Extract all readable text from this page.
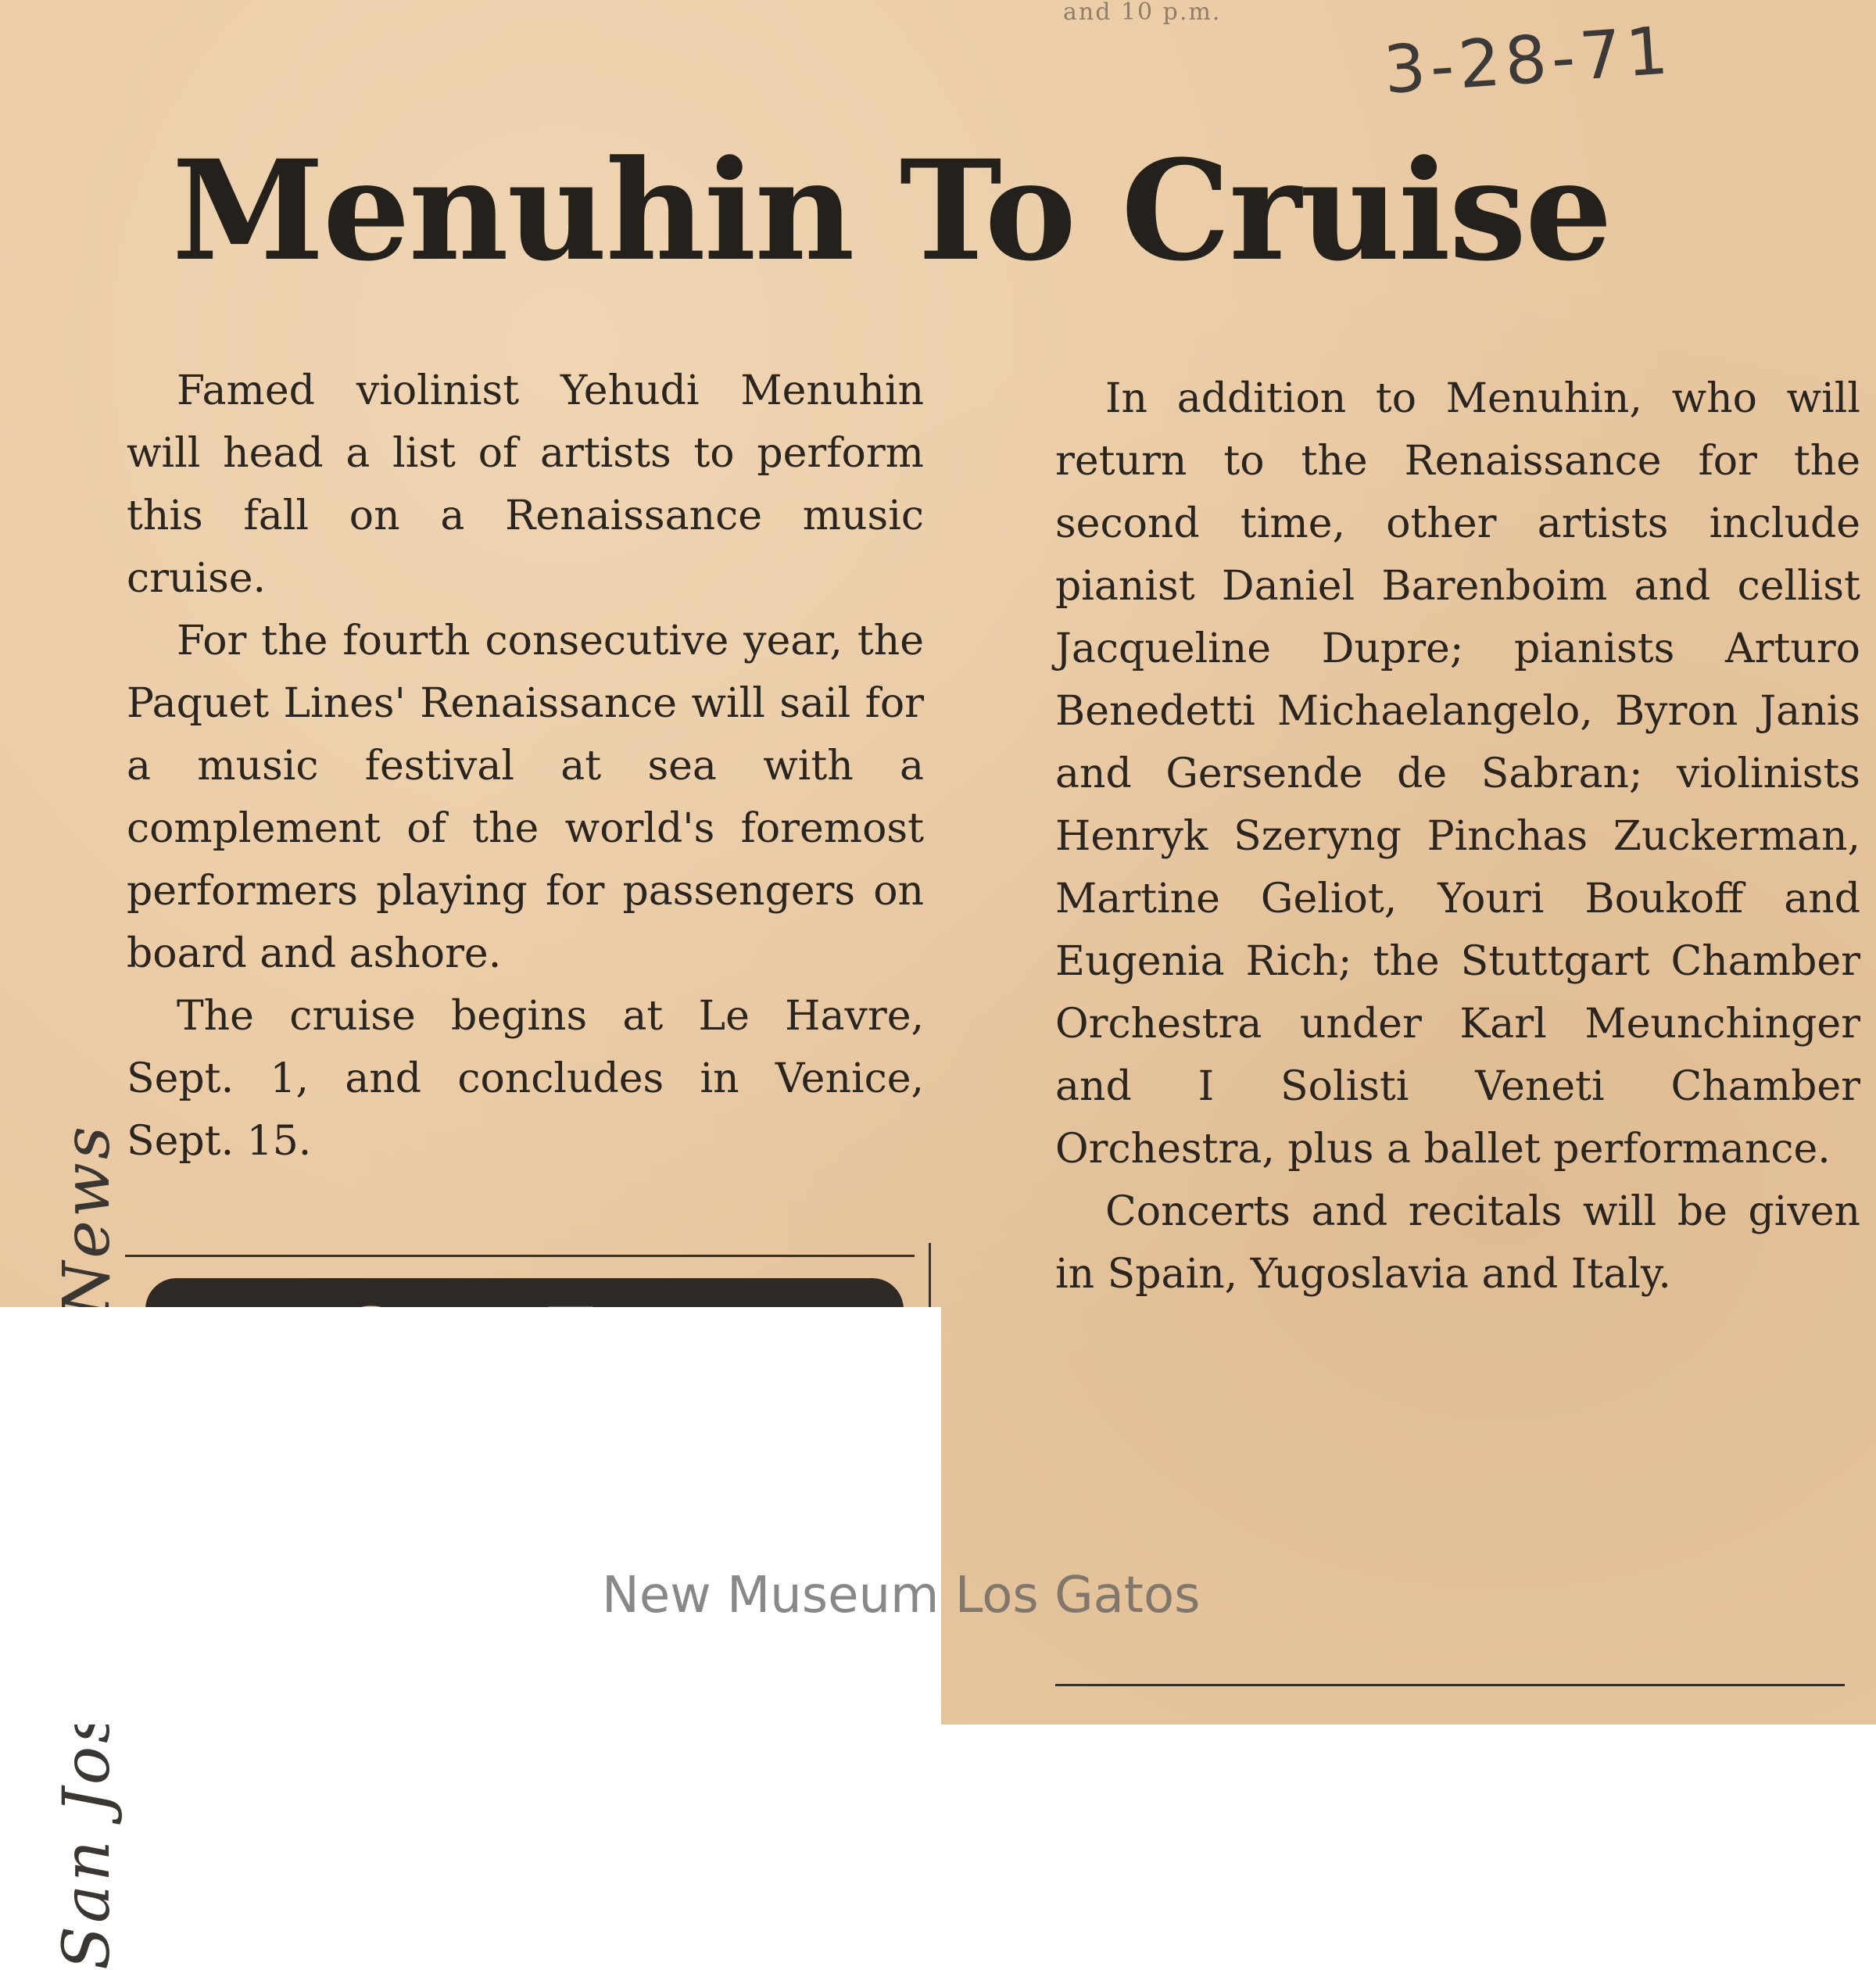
and 10 p.m. 3-28-71
Menuhin To Cruise

Famed violinist Yehudi Menuhin will head a list of artists to perform this fall on a Renaissance music cruise.

For the fourth consecutive year, the Paquet Lines' Renaissance will sail for a music festival at sea with a complement of the world's foremost performers playing for passengers on board and ashore.

The cruise begins at Le Havre, Sept. 1, and concludes in Venice, Sept. 15.

In addition to Menuhin, who will return to the Renaissance for the second time, other artists include pianist Daniel Barenboim and cellist Jacqueline Dupre; pianists Arturo Benedetti Michaelangelo, Byron Janis and Gersende de Sabran; violinists Henryk Szeryng Pinchas Zuckerman, Martine Geliot, Youri Boukoff and Eugenia Rich; the Stuttgart Chamber Orchestra under Karl Meunchinger and I Solisti Veneti Chamber Orchestra, plus a ballet performance.

Concerts and recitals will be given in Spain, Yugoslavia and Italy.

New Museum Los Gatos
